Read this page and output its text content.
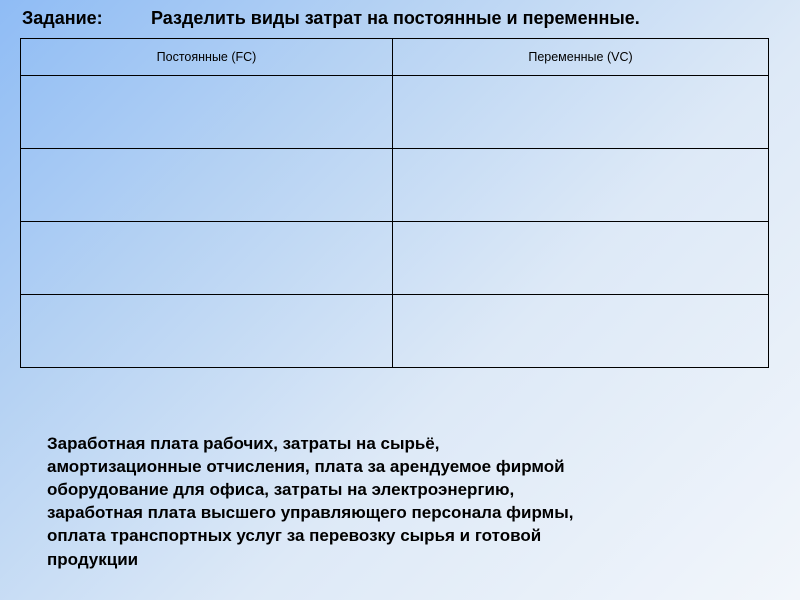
Задание:	Разделить виды затрат на постоянные и переменные.
Постоянные (FC)	Переменные (VC)

Заработная плата рабочих, затраты на сырьё,
амортизационные отчисления, плата за арендуемое фирмой
оборудование для офиса, затраты на электроэнергию,
заработная плата высшего управляющего персонала фирмы,
оплата транспортных услуг за перевозку сырья и готовой
продукции
